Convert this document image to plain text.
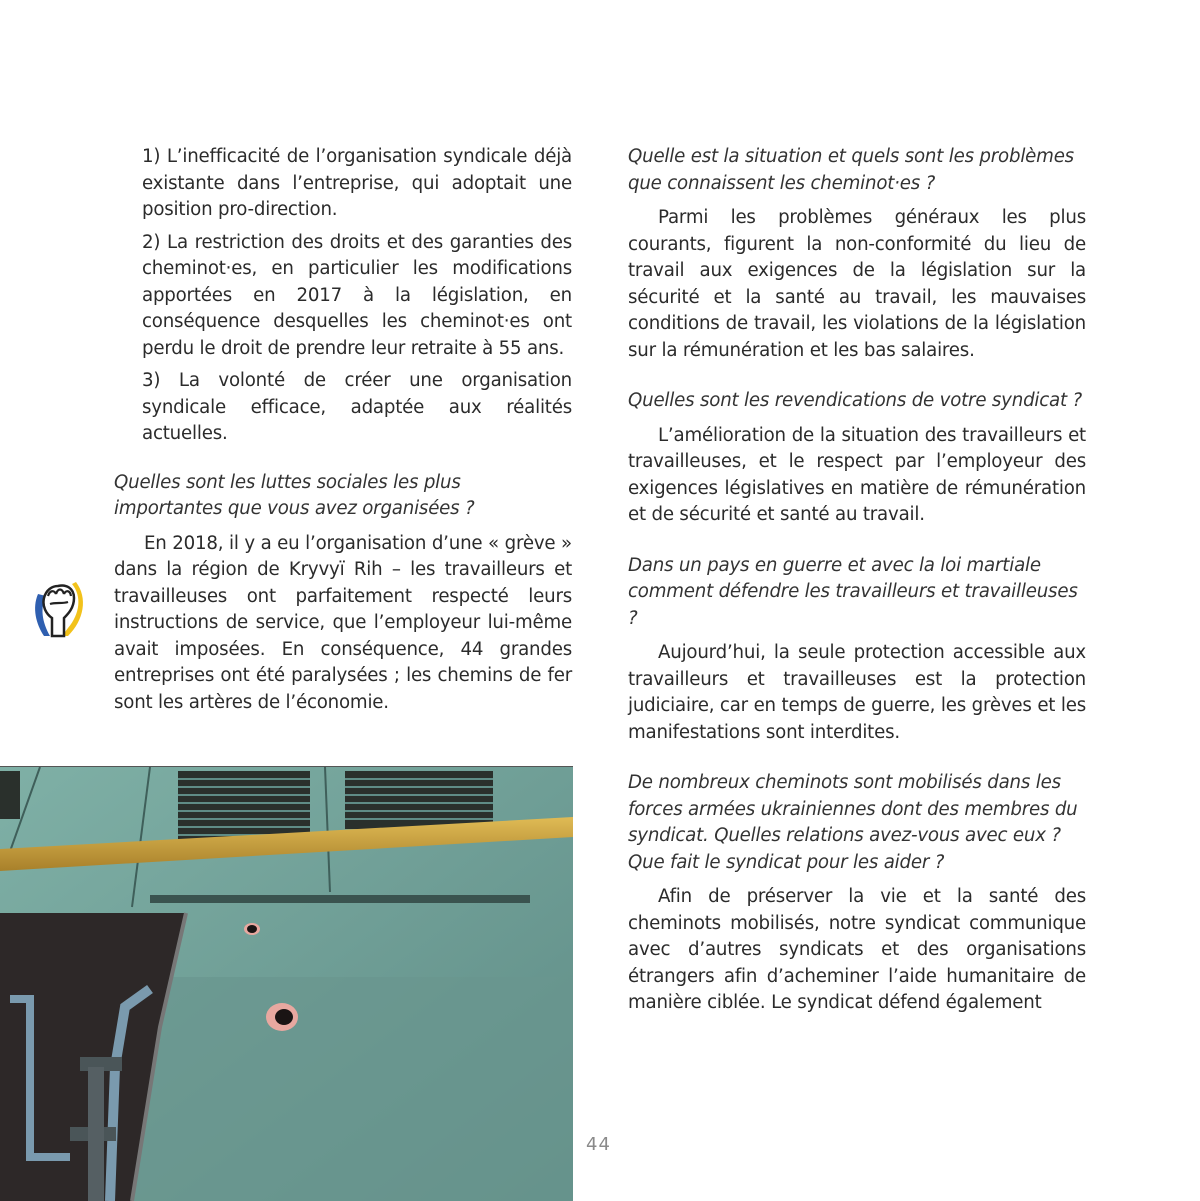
1) L’inefficacité de l’organisation syndicale déjà existante dans l’entreprise, qui adoptait une position pro-direction.

2) La restriction des droits et des garanties des cheminot·es, en particulier les modifications apportées en 2017 à la législation, en conséquence desquelles les cheminot·es ont perdu le droit de prendre leur retraite à 55 ans.

3) La volonté de créer une organisation syndicale efficace, adaptée aux réalités actuelles.

Quelles sont les luttes sociales les plus importantes que vous avez organisées ?

En 2018, il y a eu l’organisation d’une « grève » dans la région de Kryvyï Rih – les travailleurs et travailleuses ont parfaitement respecté leurs instructions de service, que l’employeur lui-même avait imposées. En conséquence, 44 grandes entreprises ont été paralysées ; les chemins de fer sont les artères de l’économie.

Quelle est la situation et quels sont les problèmes que connaissent les cheminot·es ?

Parmi les problèmes généraux les plus courants, figurent la non-conformité du lieu de travail aux exigences de la législation sur la sécurité et la santé au travail, les mauvaises conditions de travail, les violations de la législation sur la rémunération et les bas salaires.

Quelles sont les revendications de votre syndicat ?

L’amélioration de la situation des travailleurs et travailleuses, et le respect par l’employeur des exigences législatives en matière de rémunération et de sécurité et santé au travail.

Dans un pays en guerre et avec la loi martiale comment défendre les travailleurs et travailleuses ?

Aujourd’hui, la seule protection accessible aux travailleurs et travailleuses est la protection judiciaire, car en temps de guerre, les grèves et les manifestations sont interdites.

De nombreux cheminots sont mobilisés dans les forces armées ukrainiennes dont des membres du syndicat. Quelles relations avez-vous avec eux ? Que fait le syndicat pour les aider ?

Afin de préserver la vie et la santé des cheminots mobilisés, notre syndicat communique avec d’autres syndicats et des organisations étrangers afin d’acheminer l’aide humanitaire de manière ciblée. Le syndicat défend également

44
